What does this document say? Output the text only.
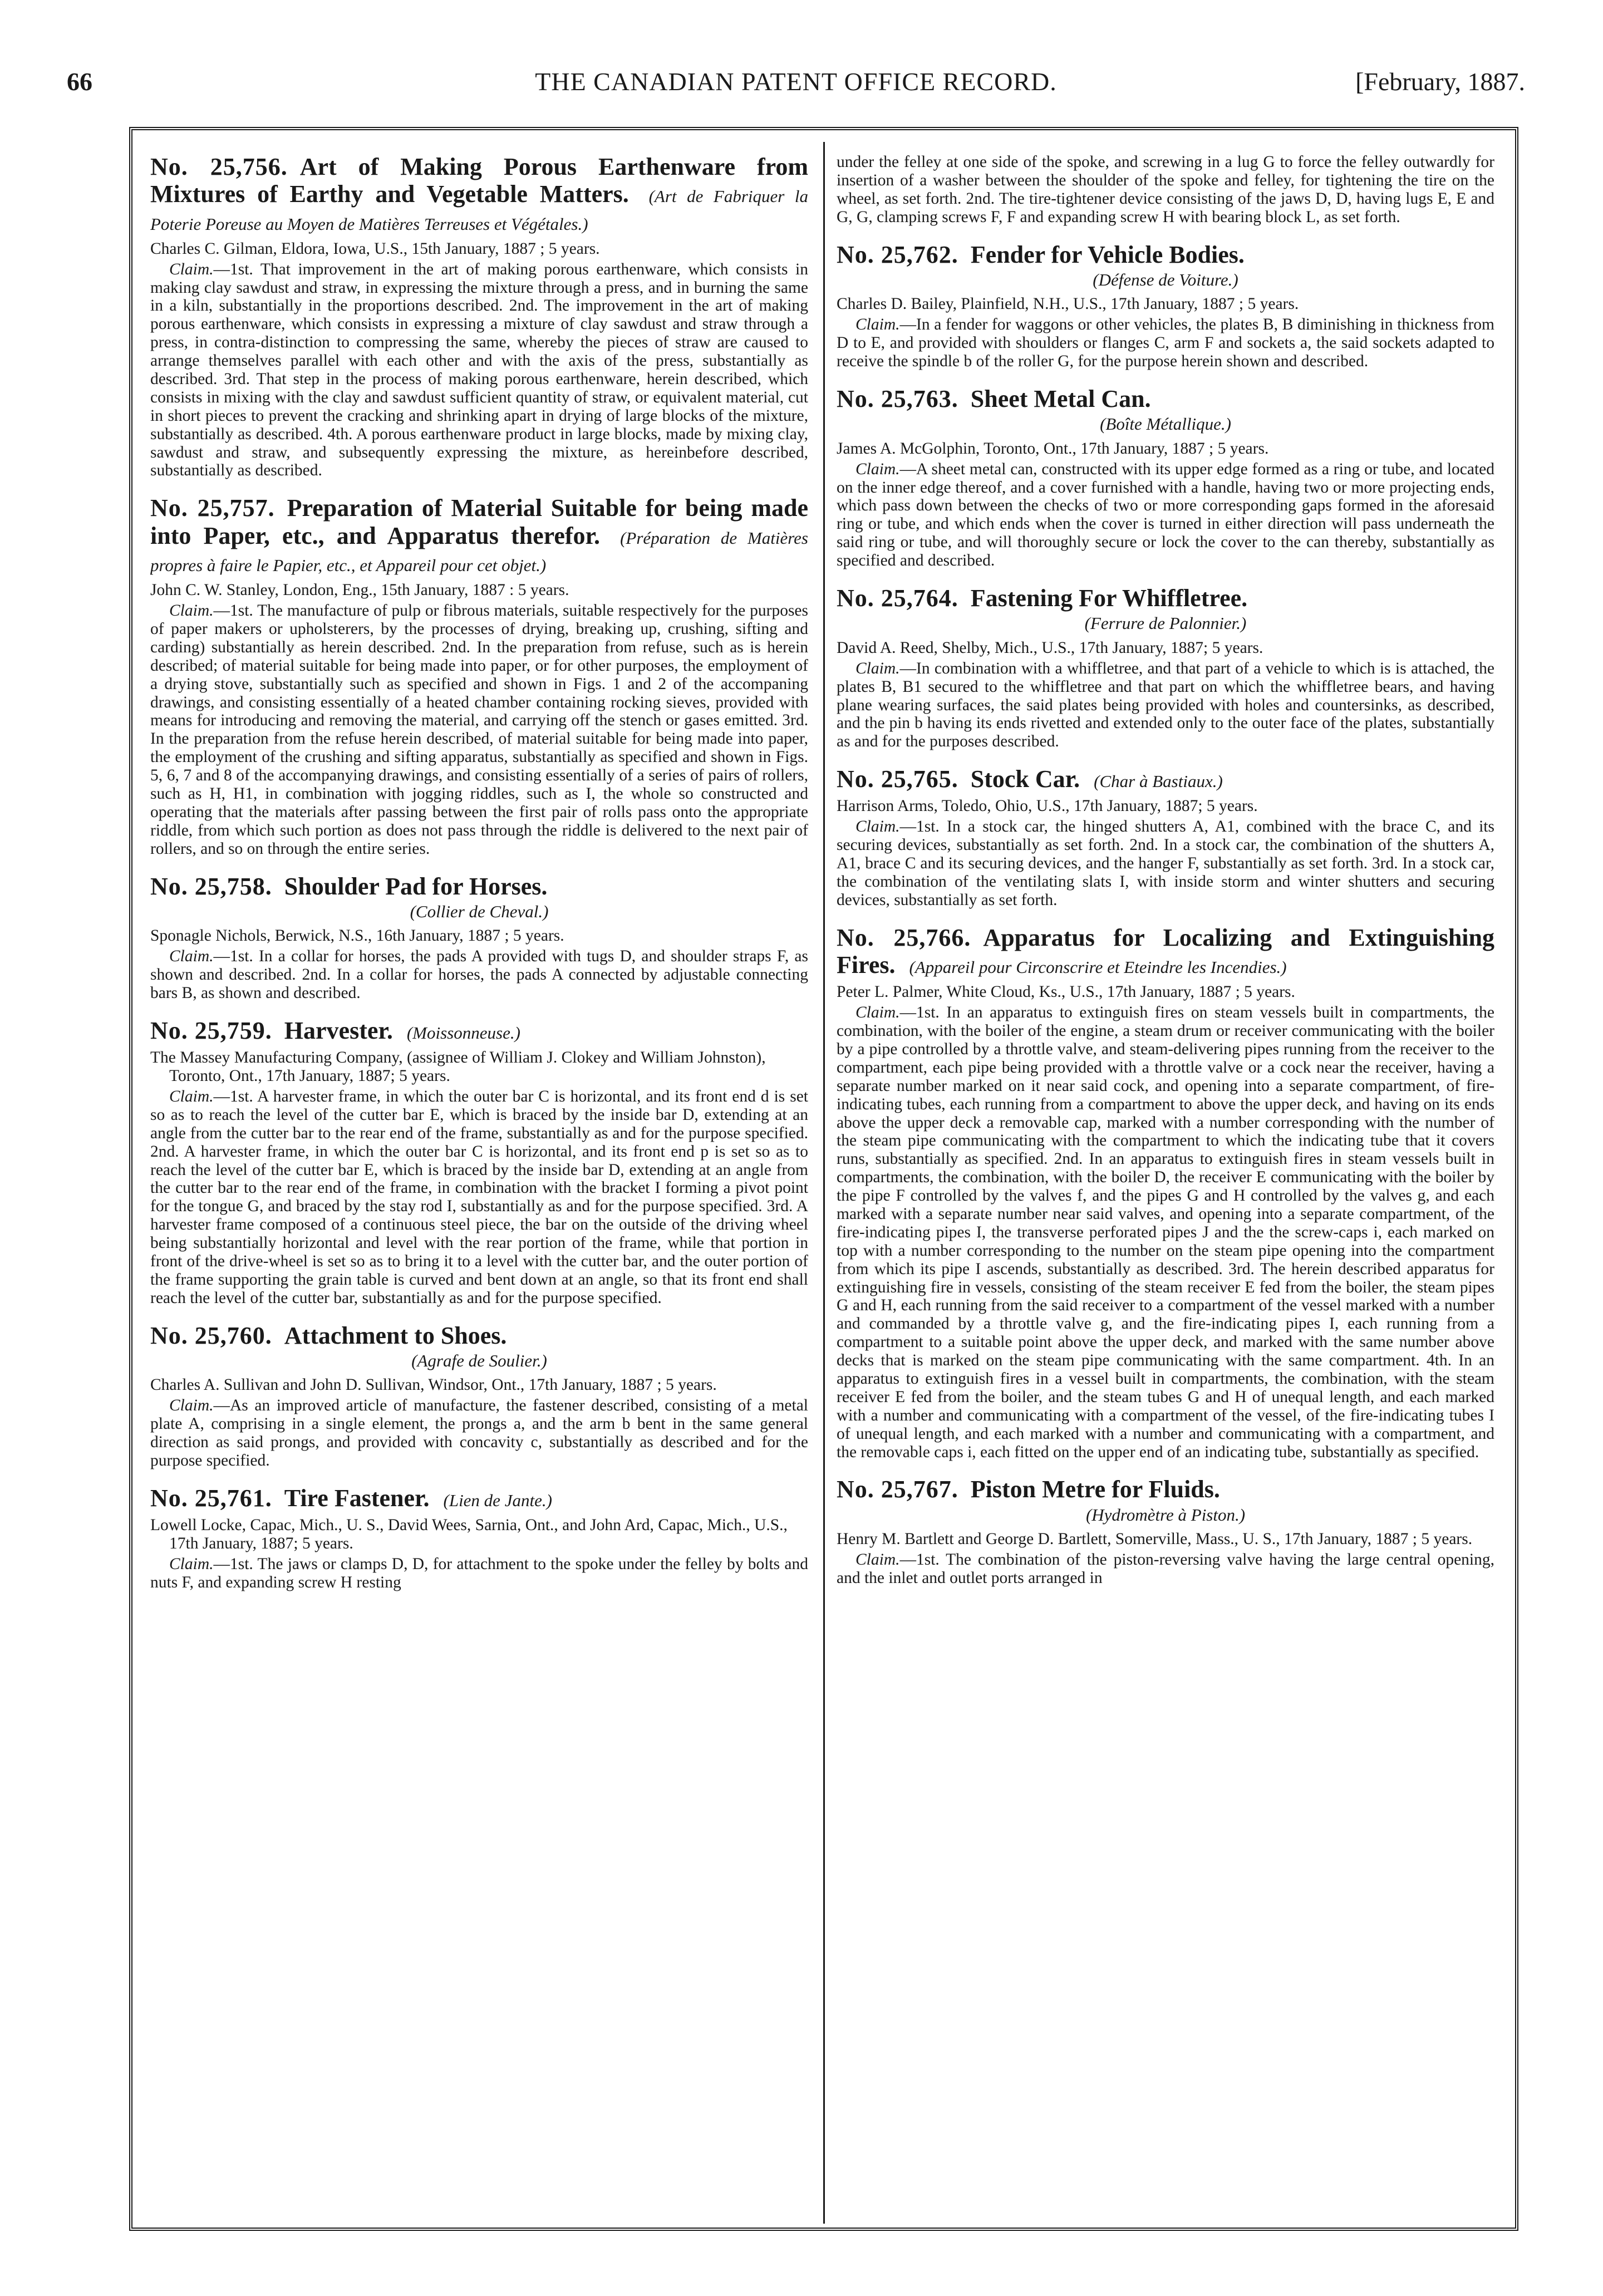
66	THE CANADIAN PATENT OFFICE RECORD.	[February, 1887.
No. 25,756. Art of Making Porous Earthenware from Mixtures of Earthy and Vegetable Matters. (Art de Fabriquer la Poterie Poreuse au Moyen de Matières Terreuses et Végétales.)

Charles C. Gilman, Eldora, Iowa, U.S., 15th January, 1887 ; 5 years.

Claim.—1st. That improvement in the art of making porous earthenware, which consists in making clay sawdust and straw, in expressing the mixture through a press, and in burning the same in a kiln, substantially in the proportions described. 2nd. The improvement in the art of making porous earthenware, which consists in expressing a mixture of clay sawdust and straw through a press, in contra-distinction to compressing the same, whereby the pieces of straw are caused to arrange themselves parallel with each other and with the axis of the press, substantially as described. 3rd. That step in the process of making porous earthenware, herein described, which consists in mixing with the clay and sawdust sufficient quantity of straw, or equivalent material, cut in short pieces to prevent the cracking and shrinking apart in drying of large blocks of the mixture, substantially as described. 4th. A porous earthenware product in large blocks, made by mixing clay, sawdust and straw, and subsequently expressing the mixture, as hereinbefore described, substantially as described.

No. 25,757. Preparation of Material Suitable for being made into Paper, etc., and Apparatus therefor. (Préparation de Matières propres à faire le Papier, etc., et Appareil pour cet objet.)

John C. W. Stanley, London, Eng., 15th January, 1887 : 5 years.

Claim.—1st. The manufacture of pulp or fibrous materials, suitable respectively for the purposes of paper makers or upholsterers, by the processes of drying, breaking up, crushing, sifting and carding) substantially as herein described. 2nd. In the preparation from refuse, such as is herein described; of material suitable for being made into paper, or for other purposes, the employment of a drying stove, substantially such as specified and shown in Figs. 1 and 2 of the accompaning drawings, and consisting essentially of a heated chamber containing rocking sieves, provided with means for introducing and removing the material, and carrying off the stench or gases emitted. 3rd. In the preparation from the refuse herein described, of material suitable for being made into paper, the employment of the crushing and sifting apparatus, substantially as specified and shown in Figs. 5, 6, 7 and 8 of the accompanying drawings, and consisting essentially of a series of pairs of rollers, such as H, H1, in combination with jogging riddles, such as I, the whole so constructed and operating that the materials after passing between the first pair of rolls pass onto the appropriate riddle, from which such portion as does not pass through the riddle is delivered to the next pair of rollers, and so on through the entire series.

No. 25,758. Shoulder Pad for Horses.

(Collier de Cheval.)

Sponagle Nichols, Berwick, N.S., 16th January, 1887 ; 5 years.

Claim.—1st. In a collar for horses, the pads A provided with tugs D, and shoulder straps F, as shown and described. 2nd. In a collar for horses, the pads A connected by adjustable connecting bars B, as shown and described.

No. 25,759. Harvester. (Moissonneuse.)

The Massey Manufacturing Company, (assignee of William J. Clokey and William Johnston), Toronto, Ont., 17th January, 1887; 5 years.

Claim.—1st. A harvester frame, in which the outer bar C is horizontal, and its front end d is set so as to reach the level of the cutter bar E, which is braced by the inside bar D, extending at an angle from the cutter bar to the rear end of the frame, substantially as and for the purpose specified. 2nd. A harvester frame, in which the outer bar C is horizontal, and its front end p is set so as to reach the level of the cutter bar E, which is braced by the inside bar D, extending at an angle from the cutter bar to the rear end of the frame, in combination with the bracket I forming a pivot point for the tongue G, and braced by the stay rod I, substantially as and for the purpose specified. 3rd. A harvester frame composed of a continuous steel piece, the bar on the outside of the driving wheel being substantially horizontal and level with the rear portion of the frame, while that portion in front of the drive-wheel is set so as to bring it to a level with the cutter bar, and the outer portion of the frame supporting the grain table is curved and bent down at an angle, so that its front end shall reach the level of the cutter bar, substantially as and for the purpose specified.

No. 25,760. Attachment to Shoes.

(Agrafe de Soulier.)

Charles A. Sullivan and John D. Sullivan, Windsor, Ont., 17th January, 1887 ; 5 years.

Claim.—As an improved article of manufacture, the fastener described, consisting of a metal plate A, comprising in a single element, the prongs a, and the arm b bent in the same general direction as said prongs, and provided with concavity c, substantially as described and for the purpose specified.

No. 25,761. Tire Fastener. (Lien de Jante.)

Lowell Locke, Capac, Mich., U. S., David Wees, Sarnia, Ont., and John Ard, Capac, Mich., U.S., 17th January, 1887; 5 years.

Claim.—1st. The jaws or clamps D, D, for attachment to the spoke under the felley by bolts and nuts F, and expanding screw H resting

under the felley at one side of the spoke, and screwing in a lug G to force the felley outwardly for insertion of a washer between the shoulder of the spoke and felley, for tightening the tire on the wheel, as set forth. 2nd. The tire-tightener device consisting of the jaws D, D, having lugs E, E and G, G, clamping screws F, F and expanding screw H with bearing block L, as set forth.

No. 25,762. Fender for Vehicle Bodies.

(Défense de Voiture.)

Charles D. Bailey, Plainfield, N.H., U.S., 17th January, 1887 ; 5 years.

Claim.—In a fender for waggons or other vehicles, the plates B, B diminishing in thickness from D to E, and provided with shoulders or flanges C, arm F and sockets a, the said sockets adapted to receive the spindle b of the roller G, for the purpose herein shown and described.

No. 25,763. Sheet Metal Can.

(Boîte Métallique.)

James A. McGolphin, Toronto, Ont., 17th January, 1887 ; 5 years.

Claim.—A sheet metal can, constructed with its upper edge formed as a ring or tube, and located on the inner edge thereof, and a cover furnished with a handle, having two or more projecting ends, which pass down between the checks of two or more corresponding gaps formed in the aforesaid ring or tube, and which ends when the cover is turned in either direction will pass underneath the said ring or tube, and will thoroughly secure or lock the cover to the can thereby, substantially as specified and described.

No. 25,764. Fastening For Whiffletree.

(Ferrure de Palonnier.)

David A. Reed, Shelby, Mich., U.S., 17th January, 1887; 5 years.

Claim.—In combination with a whiffletree, and that part of a vehicle to which is is attached, the plates B, B1 secured to the whiffletree and that part on which the whiffletree bears, and having plane wearing surfaces, the said plates being provided with holes and countersinks, as described, and the pin b having its ends rivetted and extended only to the outer face of the plates, substantially as and for the purposes described.

No. 25,765. Stock Car. (Char à Bastiaux.)

Harrison Arms, Toledo, Ohio, U.S., 17th January, 1887; 5 years.

Claim.—1st. In a stock car, the hinged shutters A, A1, combined with the brace C, and its securing devices, substantially as set forth. 2nd. In a stock car, the combination of the shutters A, A1, brace C and its securing devices, and the hanger F, substantially as set forth. 3rd. In a stock car, the combination of the ventilating slats I, with inside storm and winter shutters and securing devices, substantially as set forth.

No. 25,766. Apparatus for Localizing and Extinguishing Fires. (Appareil pour Circonscrire et Eteindre les Incendies.)

Peter L. Palmer, White Cloud, Ks., U.S., 17th January, 1887 ; 5 years.

Claim.—1st. In an apparatus to extinguish fires on steam vessels built in compartments, the combination, with the boiler of the engine, a steam drum or receiver communicating with the boiler by a pipe controlled by a throttle valve, and steam-delivering pipes running from the receiver to the compartment, each pipe being provided with a throttle valve or a cock near the receiver, having a separate number marked on it near said cock, and opening into a separate compartment, of fire-indicating tubes, each running from a compartment to above the upper deck, and having on its ends above the upper deck a removable cap, marked with a number corresponding with the number of the steam pipe communicating with the compartment to which the indicating tube that it covers runs, substantially as specified. 2nd. In an apparatus to extinguish fires in steam vessels built in compartments, the combination, with the boiler D, the receiver E communicating with the boiler by the pipe F controlled by the valves f, and the pipes G and H controlled by the valves g, and each marked with a separate number near said valves, and opening into a separate compartment, of the fire-indicating pipes I, the transverse perforated pipes J and the the screw-caps i, each marked on top with a number corresponding to the number on the steam pipe opening into the compartment from which its pipe I ascends, substantially as described. 3rd. The herein described apparatus for extinguishing fire in vessels, consisting of the steam receiver E fed from the boiler, the steam pipes G and H, each running from the said receiver to a compartment of the vessel marked with a number and commanded by a throttle valve g, and the fire-indicating pipes I, each running from a compartment to a suitable point above the upper deck, and marked with the same number above decks that is marked on the steam pipe communicating with the same compartment. 4th. In an apparatus to extinguish fires in a vessel built in compartments, the combination, with the steam receiver E fed from the boiler, and the steam tubes G and H of unequal length, and each marked with a number and communicating with a compartment of the vessel, of the fire-indicating tubes I of unequal length, and each marked with a number and communicating with a compartment, and the removable caps i, each fitted on the upper end of an indicating tube, substantially as specified.

No. 25,767. Piston Metre for Fluids.

(Hydromètre à Piston.)

Henry M. Bartlett and George D. Bartlett, Somerville, Mass., U. S., 17th January, 1887 ; 5 years.

Claim.—1st. The combination of the piston-reversing valve having the large central opening, and the inlet and outlet ports arranged in
